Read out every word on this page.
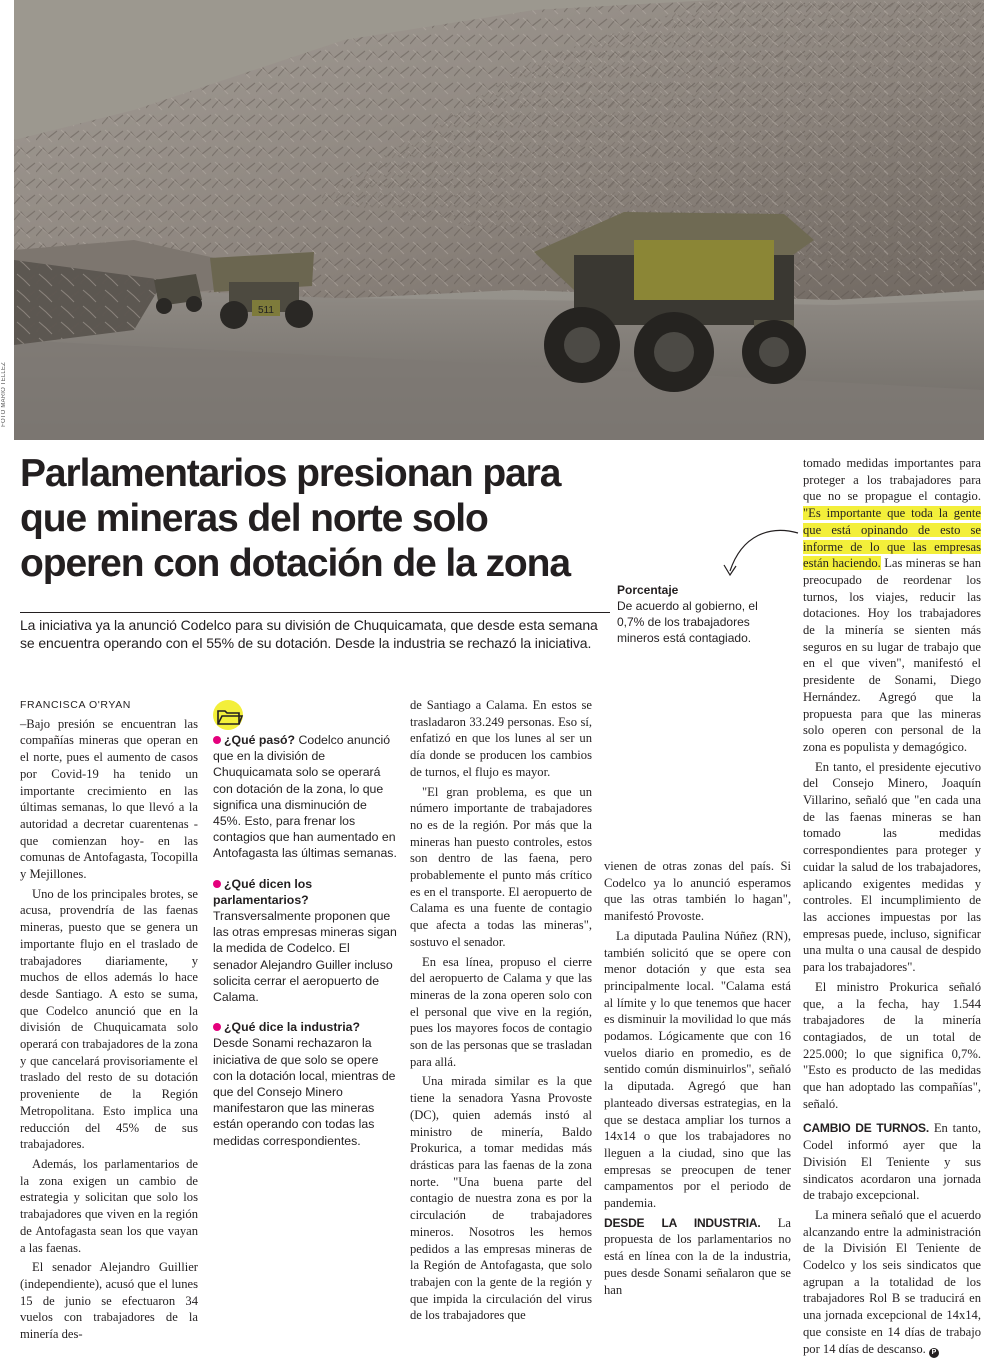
511
FOTO MARIO TELLEZ
Parlamentarios presionan para que mineras del norte solo operen con dotación de la zona
La iniciativa ya la anunció Codelco para su división de Chuquicamata, que desde esta semana se encuentra operando con el 55% de su dotación. Desde la industria se rechazó la iniciativa.
FRANCISCA O'RYAN

–Bajo presión se encuentran las compañías mineras que operan en el norte, pues el aumento de casos por Covid-19 ha tenido un importante crecimiento en las últimas semanas, lo que llevó a la autoridad a decretar cuarentenas -que comienzan hoy- en las comunas de Antofagasta, Tocopilla y Mejillones.

Uno de los principales brotes, se acusa, provendría de las faenas mineras, puesto que se genera un importante flujo en el traslado de trabajadores diariamente, y muchos de ellos además lo hace desde Santiago. A esto se suma, que Codelco anunció que en la división de Chuquicamata solo operará con trabajadores de la zona y que cancelará provisoriamente el traslado del resto de su dotación proveniente de la Región Metropolitana. Esto implica una reducción del 45% de sus trabajadores.

Además, los parlamentarios de la zona exigen un cambio de estrategia y solicitan que solo los trabajadores que viven en la región de Antofagasta sean los que vayan a las faenas.

El senador Alejandro Guillier (independiente), acusó que el lunes 15 de junio se efectuaron 34 vuelos con trabajadores de la minería des-

¿Qué pasó? Codelco anunció que en la división de Chuquicamata solo se operará con dotación de la zona, lo que significa una disminución de 45%. Esto, para frenar los contagios que han aumentado en Antofagasta las últimas semanas.
¿Qué dicen los parlamentarios?
Transversalmente proponen que las otras empresas mineras sigan la medida de Codelco. El senador Alejandro Guiller incluso solicita cerrar el aeropuerto de Calama.
¿Qué dice la industria? Desde Sonami rechazaron la iniciativa de que solo se opere con la dotación local, mientras de que del Consejo Minero manifestaron que las mineras están operando con todas las medidas correspondientes.

de Santiago a Calama. En estos se trasladaron 33.249 personas. Eso sí, enfatizó en que los lunes al ser un día donde se producen los cambios de turnos, el flujo es mayor.

"El gran problema, es que un número importante de trabajadores no es de la región. Por más que la mineras han puesto controles, estos son dentro de las faena, pero probablemente el punto más crítico es en el transporte. El aeropuerto de Calama es una fuente de contagio que afecta a todas las mineras", sostuvo el senador.

En esa línea, propuso el cierre del aeropuerto de Calama y que las mineras de la zona operen solo con el personal que vive en la región, pues los mayores focos de contagio son de las personas que se trasladan para allá.

Una mirada similar es la que tiene la senadora Yasna Provoste (DC), quien además instó al ministro de minería, Baldo Prokurica, a tomar medidas más drásticas para las faenas de la zona norte. "Una buena parte del contagio de nuestra zona es por la circulación de trabajadores mineros. Nosotros les hemos pedidos a las empresas mineras de la Región de Antofagasta, que solo trabajen con la gente de la región y que impida la circulación del virus de los trabajadores que

Porcentaje
De acuerdo al gobierno, el 0,7% de los trabajadores mineros está contagiado.

vienen de otras zonas del país. Si Codelco ya lo anunció esperamos que las otras también lo hagan", manifestó Provoste.

La diputada Paulina Núñez (RN), también solicitó que se opere con menor dotación y que esta sea principalmente local. "Calama está al límite y lo que tenemos que hacer es disminuir la movilidad lo que más podamos. Lógicamente que con 16 vuelos diario en promedio, es de sentido común disminuirlos", señaló la diputada. Agregó que han planteado diversas estrategias, en la que se destaca ampliar los turnos a 14x14 o que los trabajadores no lleguen a la ciudad, sino que las empresas se preocupen de tener campamentos por el periodo de pandemia.

DESDE LA INDUSTRIA. La propuesta de los parlamentarios no está en línea con la de la industria, pues desde Sonami señalaron que se han

tomado medidas importantes para proteger a los trabajadores para que no se propague el contagio. "Es importante que toda la gente que está opinando de esto se informe de lo que las empresas están haciendo. Las mineras se han preocupado de reordenar los turnos, los viajes, reducir las dotaciones. Hoy los trabajadores de la minería se sienten más seguros en su lugar de trabajo que en el que viven", manifestó el presidente de Sonami, Diego Hernández. Agregó que la propuesta para que las mineras solo operen con personal de la zona es populista y demagógico.

En tanto, el presidente ejecutivo del Consejo Minero, Joaquín Villarino, señaló que "en cada una de las faenas mineras se han tomado las medidas correspondientes para proteger y cuidar la salud de los trabajadores, aplicando exigentes medidas y controles. El incumplimiento de las acciones impuestas por las empresas puede, incluso, significar una multa o una causal de despido para los trabajadores".

El ministro Prokurica señaló que, a la fecha, hay 1.544 trabajadores de la minería contagiados, de un total de 225.000; lo que significa 0,7%. "Esto es producto de las medidas que han adoptado las compañías", señaló.

CAMBIO DE TURNOS. En tanto, Codel informó ayer que la División El Teniente y sus sindicatos acordaron una jornada de trabajo excepcional.

La minera señaló que el acuerdo alcanzando entre la administración de la División El Teniente de Codelco y los seis sindicatos que agrupan a la totalidad de los trabajadores Rol B se traducirá en una jornada excepcional de 14x14, que consiste en 14 días de trabajo por 14 días de descanso. P
